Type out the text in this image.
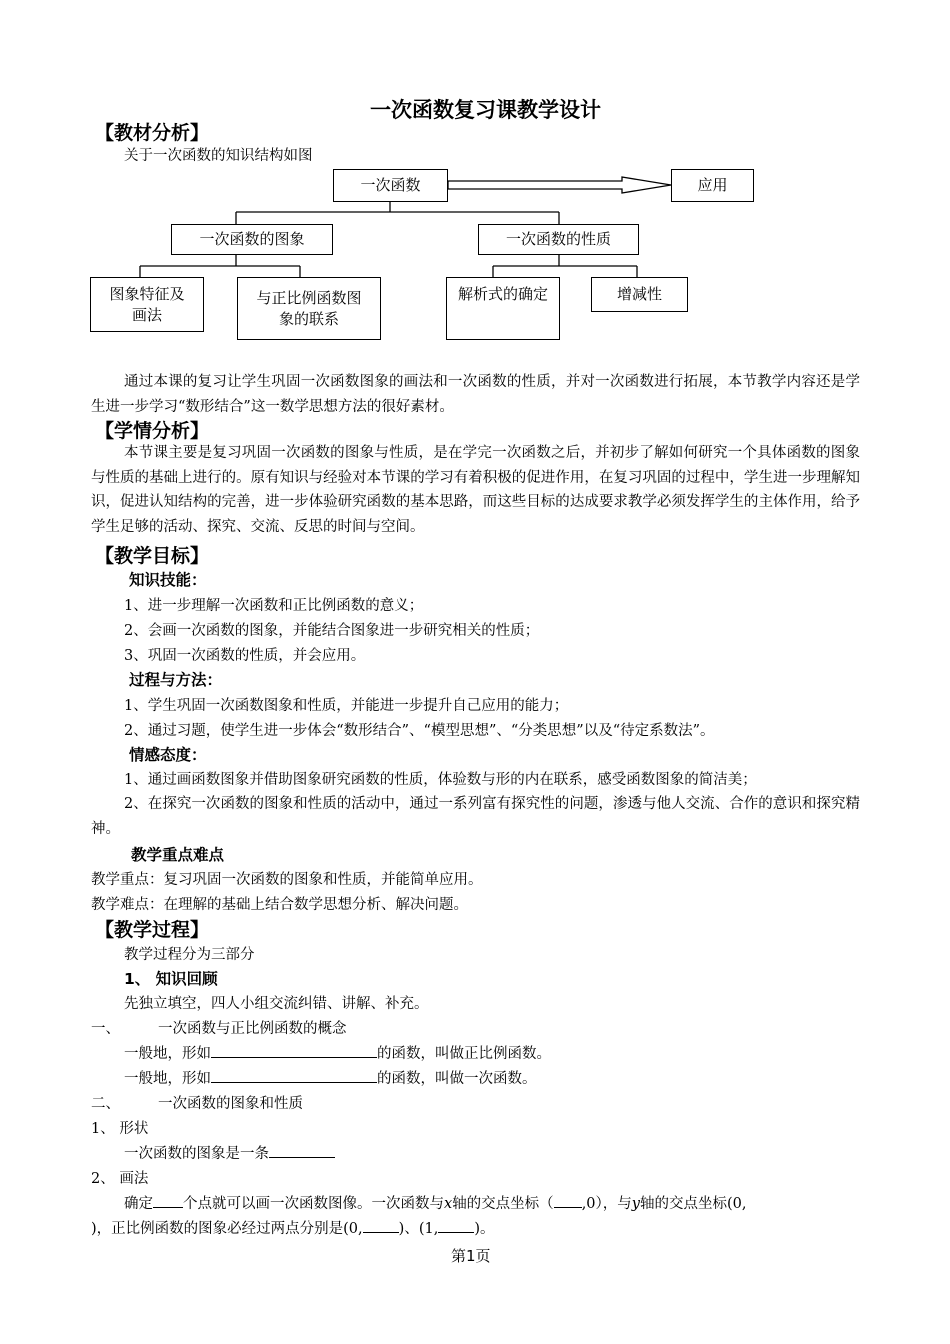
一次函数复习课教学设计
【教材分析】
关于一次函数的知识结构如图
一次函数	应用
一次函数的图象	一次函数的性质
图象特征及画法
与正比例函数图象的联系
解析式的确定	增减性
通过本课的复习让学生巩固一次函数图象的画法和一次函数的性质，并对一次函数进行拓展，本节教学内容还是学生进一步学习“数形结合”这一数学思想方法的很好素材。
【学情分析】
本节课主要是复习巩固一次函数的图象与性质，是在学完一次函数之后，并初步了解如何研究一个具体函数的图象与性质的基础上进行的。原有知识与经验对本节课的学习有着积极的促进作用，在复习巩固的过程中，学生进一步理解知识，促进认知结构的完善，进一步体验研究函数的基本思路，而这些目标的达成要求教学必须发挥学生的主体作用，给予学生足够的活动、探究、交流、反思的时间与空间。
【教学目标】
知识技能：
1、进一步理解一次函数和正比例函数的意义；
2、会画一次函数的图象，并能结合图象进一步研究相关的性质；
3、巩固一次函数的性质，并会应用。
过程与方法：
1、学生巩固一次函数图象和性质，并能进一步提升自己应用的能力；
2、通过习题，使学生进一步体会“数形结合”、“模型思想”、“分类思想”以及“待定系数法”。
情感态度：
1、通过画函数图象并借助图象研究函数的性质，体验数与形的内在联系，感受函数图象的简洁美；
2、在探究一次函数的图象和性质的活动中，通过一系列富有探究性的问题，渗透与他人交流、合作的意识和探究精神。
教学重点难点
教学重点：复习巩固一次函数的图象和性质，并能简单应用。
教学难点：在理解的基础上结合数学思想分析、解决问题。
【教学过程】
教学过程分为三部分
1、 知识回顾
先独立填空，四人小组交流纠错、讲解、补充。
一、	一次函数与正比例函数的概念
一般地，形如	的函数，叫做正比例函数。
一般地，形如	的函数，叫做一次函数。
二、	一次函数的图象和性质
1、 形状
一次函数的图象是一条
2、 画法
确定 个点就可以画一次函数图像。一次函数与x轴的交点坐标（ ,0），与y轴的交点坐标(0,
)，正比例函数的图象必经过两点分别是(0, )、(1, )。
第1页
